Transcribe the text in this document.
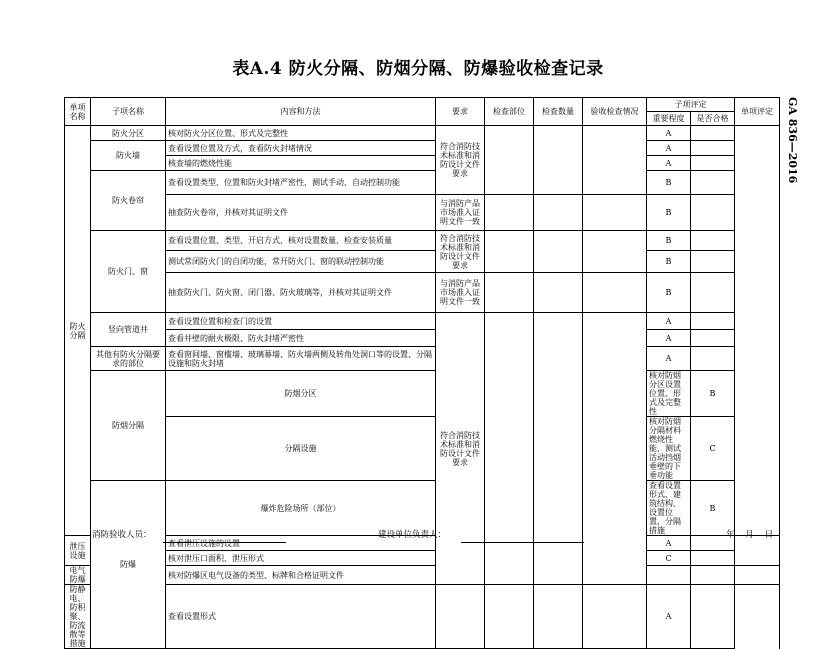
表A.4 防火分隔、防烟分隔、防爆验收检查记录
GA 836—2016
单项名称	子项名称	内容和方法	要求	检查部位	检查数量	验收检查情况	子项评定		单项评定	
							重要程度	是否合格		
防火分隔	防火分区	核对防火分区位置、形式及完整性	符合消防技术标准和消防设计文件要求				A			
	防火墙	查看设置位置及方式，查看防火封堵情况					A			
		核查墙的燃烧性能					A			
	防火卷帘	查看设置类型、位置和防火封堵严密性，测试手动、自动控制功能					B			
		抽查防火卷帘，并核对其证明文件	与消防产品市场准入证明文件一致				B			
	防火门、窗	查看设置位置、类型、开启方式，核对设置数量，检查安装质量	符合消防技术标准和消防设计文件要求				B			
		测试常闭防火门的自闭功能，常开防火门、窗的联动控制功能					B			
		抽查防火门、防火窗、闭门器、防火玻璃等，并核对其证明文件	与消防产品市场准入证明文件一致				B			
	竖向管道井	查看设置位置和检查门的设置	符合消防技术标准和消防设计文件要求				A			
		查看井壁的耐火极限、防火封堵严密性					A			
	其他有防火分隔要求的部位	查看窗间墙、窗槛墙、玻璃幕墙、防火墙两侧及转角处洞口等的设置、分隔设施和防火封堵					A			
	防烟分隔	防烟分区					核对防烟分区设置位置、形式及完整性	B		
		分隔设施					核对防烟分隔材料燃烧性能，测试活动挡烟垂壁的下垂功能	C		
	防爆	爆炸危险场所（部位）					查看设置形式、建筑结构、设置位置，分隔措施	B		
泄压设施		查看泄压设施的设置					A			
		核对泄压口面积、泄压形式					C			
电气防爆		核对防爆区电气设备的类型、标牌和合格证明文件						
防静电、防积聚、防流散等措施		查看设置形式					A			
消防验收人员：	建设单位负责人：	年    月    日
